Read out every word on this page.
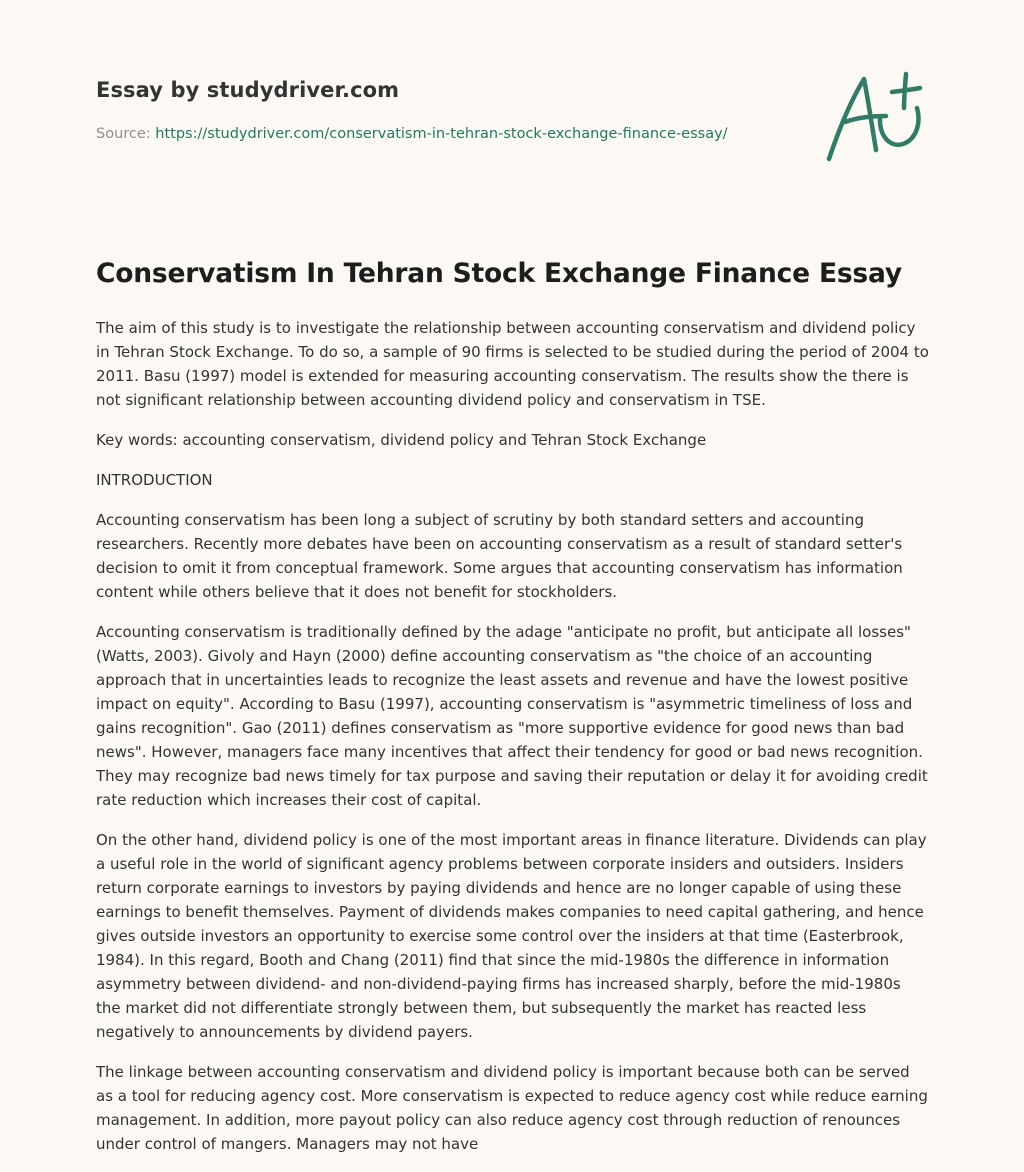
Essay by studydriver.com
Source: https://studydriver.com/conservatism-in-tehran-stock-exchange-finance-essay/
Conservatism In Tehran Stock Exchange Finance Essay

The aim of this study is to investigate the relationship between accounting conservatism and dividend policy in Tehran Stock Exchange. To do so, a sample of 90 firms is selected to be studied during the period of 2004 to 2011. Basu (1997) model is extended for measuring accounting conservatism. The results show the there is not significant relationship between accounting dividend policy and conservatism in TSE.

Key words: accounting conservatism, dividend policy and Tehran Stock Exchange

INTRODUCTION

Accounting conservatism has been long a subject of scrutiny by both standard setters and accounting researchers. Recently more debates have been on accounting conservatism as a result of standard setter's decision to omit it from conceptual framework. Some argues that accounting conservatism has information content while others believe that it does not benefit for stockholders.

Accounting conservatism is traditionally defined by the adage "anticipate no profit, but anticipate all losses" (Watts, 2003). Givoly and Hayn (2000) define accounting conservatism as "the choice of an accounting approach that in uncertainties leads to recognize the least assets and revenue and have the lowest positive impact on equity". According to Basu (1997), accounting conservatism is "asymmetric timeliness of loss and gains recognition". Gao (2011) defines conservatism as "more supportive evidence for good news than bad news". However, managers face many incentives that affect their tendency for good or bad news recognition. They may recognize bad news timely for tax purpose and saving their reputation or delay it for avoiding credit rate reduction which increases their cost of capital.

On the other hand, dividend policy is one of the most important areas in finance literature. Dividends can play a useful role in the world of significant agency problems between corporate insiders and outsiders. Insiders return corporate earnings to investors by paying dividends and hence are no longer capable of using these earnings to benefit themselves. Payment of dividends makes companies to need capital gathering, and hence gives outside investors an opportunity to exercise some control over the insiders at that time (Easterbrook, 1984). In this regard, Booth and Chang (2011) find that since the mid-1980s the difference in information asymmetry between dividend- and non-dividend-paying firms has increased sharply, before the mid-1980s the market did not differentiate strongly between them, but subsequently the market has reacted less negatively to announcements by dividend payers.

The linkage between accounting conservatism and dividend policy is important because both can be served as a tool for reducing agency cost. More conservatism is expected to reduce agency cost while reduce earning management. In addition, more payout policy can also reduce agency cost through reduction of renounces under control of mangers. Managers may not have
